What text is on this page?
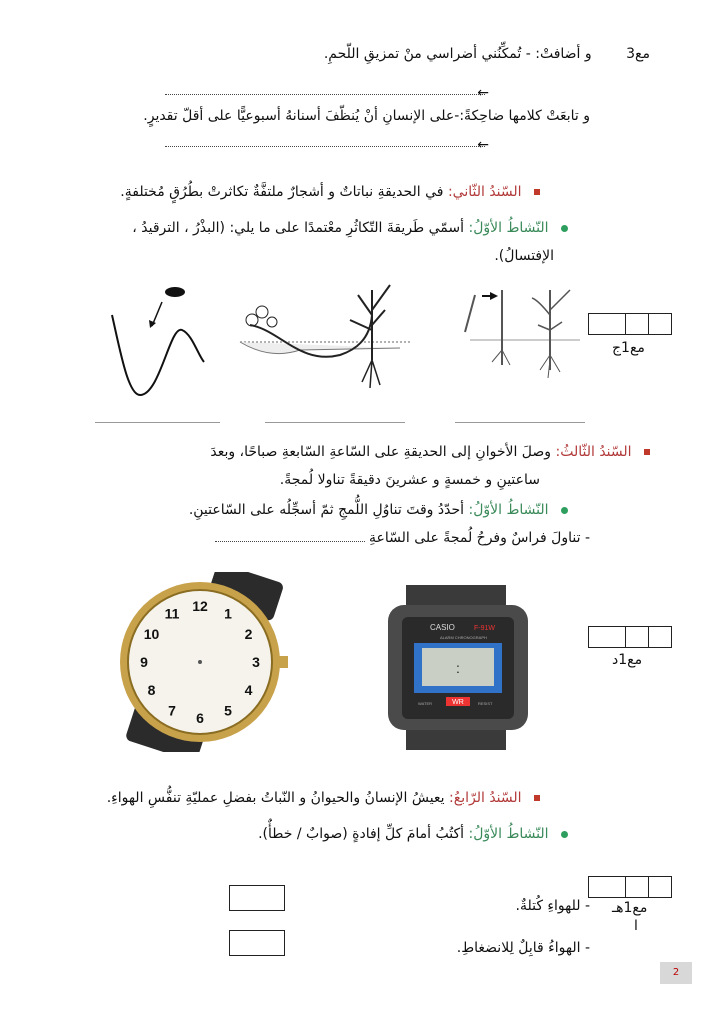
مع3 و أضافتْ: - تُمكِّنُني أضراسي منْ تمزيقِ اللّحمِ.
←
و تابعَتْ كلامها ضاحِكةً:-على الإنسانِ أنْ يُنظّفَ أسنانهُ أسبوعيًّا على أقلّ تقديرٍ.
←
السّندُ الثّاني: في الحديقةِ نباتاتٌ و أشجارٌ ملتفَّةٌ تكاثرتْ بطُرُقٍ مُختلفةٍ.
النّشاطُ الأوّلُ: أسمّي طَريقةَ التّكاثُرِ معْتمدًا على ما يلي: (البذْرُ ، الترقيدُ ،
الإفتسالُ).
مع1ج
السّندُ الثّالثُ: وصلَ الأخوانِ إلى الحديقةِ على السّاعةِ السّابعةِ صباحًا، وبعدَ
ساعتينِ و خمسةٍ و عشرينَ دقيقةً تناولا لُمجةً.
النّشاطُ الأوّلُ: أحدّدُ وقتَ تناوُلِ اللُّمجِ ثمّ أسجِّلُه على السّاعتينِ.
- تناولَ فراسٌ وفرحُ لُمجةً على السّاعةِ
12 1
2
3
4
5
6
7
8
9
10
11
CASIO	F-91W
ALARM CHRONOGRAPH
:
WR
WATER	RESIST
مع1د
السّندُ الرّابعُ: يعيشُ الإنسانُ والحيوانُ و النّباتُ بفضلِ عمليّةِ تنفُّسِ الهواءِ.
النّشاطُ الأوّلُ: أكتُبُ أمامَ كلِّ إفادةٍ (صوابٌ / خطأٌ).
مع1هـ
ا
- للهواءِ كُتلةٌ.
- الهواءُ قابِلٌ لِلانضغاطِ.
2
